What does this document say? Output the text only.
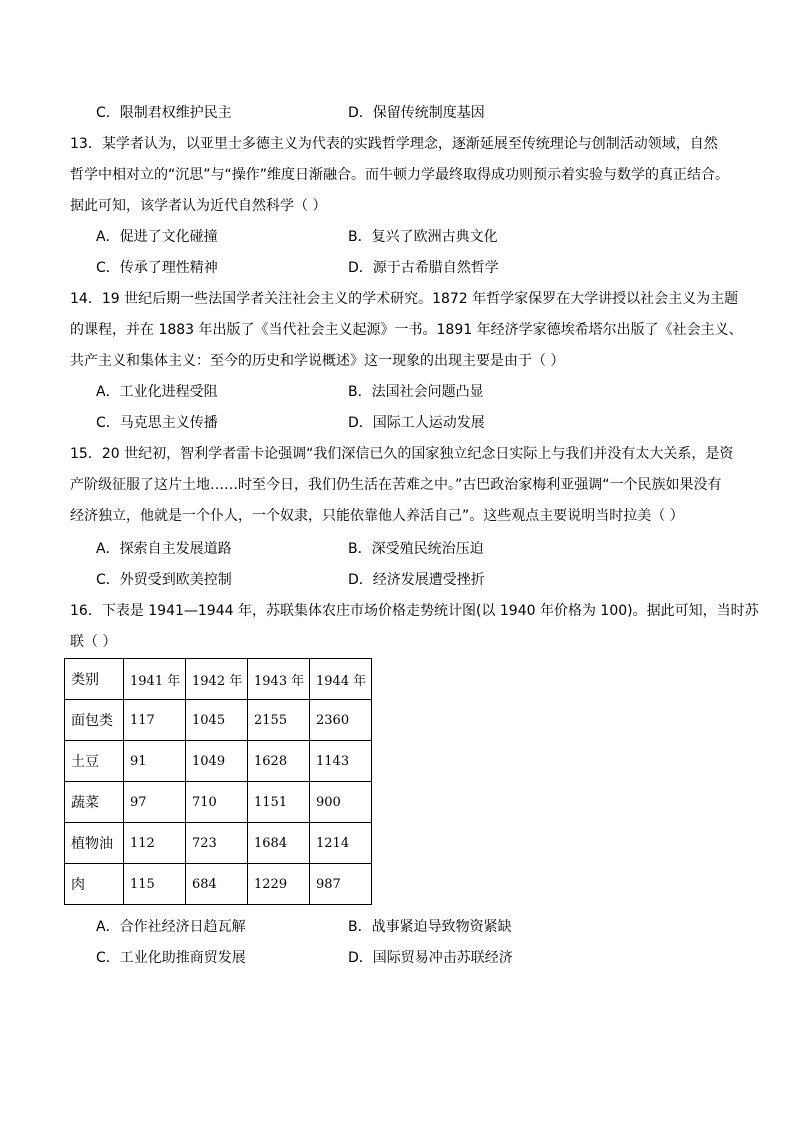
C．限制君权维护民主	D．保留传统制度基因
13．某学者认为，以亚里士多德主义为代表的实践哲学理念，逐渐延展至传统理论与创制活动领域，自然
哲学中相对立的“沉思”与“操作”维度日渐融合。而牛顿力学最终取得成功则预示着实验与数学的真正结合。
据此可知，该学者认为近代自然科学（ ）
A．促进了文化碰撞	B．复兴了欧洲古典文化
C．传承了理性精神	D．源于古希腊自然哲学
14．19 世纪后期一些法国学者关注社会主义的学术研究。1872 年哲学家保罗在大学讲授以社会主义为主题
的课程，并在 1883 年出版了《当代社会主义起源》一书。1891 年经济学家德埃希塔尔出版了《社会主义、
共产主义和集体主义：至今的历史和学说概述》这一现象的出现主要是由于（ ）
A．工业化进程受阻	B．法国社会问题凸显
C．马克思主义传播	D．国际工人运动发展
15．20 世纪初，智利学者雷卡论强调“我们深信已久的国家独立纪念日实际上与我们并没有太大关系，是资
产阶级征服了这片土地……时至今日，我们仍生活在苦难之中。”古巴政治家梅利亚强调“一个民族如果没有
经济独立，他就是一个仆人，一个奴隶，只能依靠他人养活自己”。这些观点主要说明当时拉美（ ）
A．探索自主发展道路	B．深受殖民统治压迫
C．外贸受到欧美控制	D．经济发展遭受挫折
16．下表是 1941—1944 年，苏联集体农庄市场价格走势统计图(以 1940 年价格为 100)。据此可知，当时苏
联（ ）
类别	1941 年	1942 年	1943 年	1944 年
面包类	117	1045	2155	2360
土豆	91	1049	1628	1143
蔬菜	97	710	1151	900
植物油	112	723	1684	1214
肉	115	684	1229	987
A．合作社经济日趋瓦解	B．战事紧迫导致物资紧缺
C．工业化助推商贸发展	D．国际贸易冲击苏联经济
